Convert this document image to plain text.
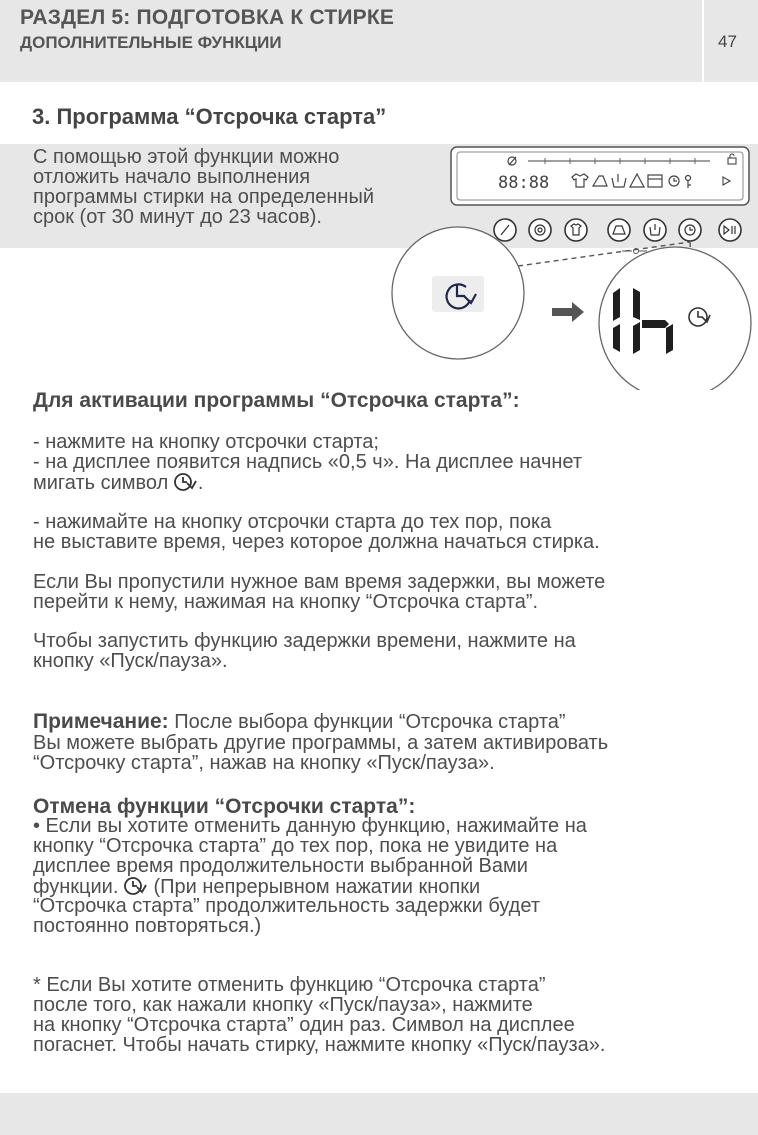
РАЗДЕЛ 5: ПОДГОТОВКА К СТИРКЕ
ДОПОЛНИТЕЛЬНЫЕ ФУНКЦИИ	47
3. Программа “Отсрочка старта”
С помощью этой функции можно
отложить начало выполнения
программы стирки на определенный
срок (от 30 минут до 23 часов).
88:88
1h
Для активации программы “Отсрочка старта”:
- нажмите на кнопку отсрочки старта;
- на дисплее появится надпись «0,5 ч». На дисплее начнет
мигать символ .
- нажимайте на кнопку отсрочки старта до тех пор, пока
не выставите время, через которое должна начаться стирка.
Если Вы пропустили нужное вам время задержки, вы можете
перейти к нему, нажимая на кнопку “Отсрочка старта”.
Чтобы запустить функцию задержки времени, нажмите на
кнопку «Пуск/пауза».
Примечание: После выбора функции “Отсрочка старта”
Вы можете выбрать другие программы, а затем активировать
“Отсрочку старта”, нажав на кнопку «Пуск/пауза».
Отмена функции “Отсрочки старта”:
• Если вы хотите отменить данную функцию, нажимайте на
кнопку “Отсрочка старта” до тех пор, пока не увидите на
дисплее время продолжительности выбранной Вами
функции.  (При непрерывном нажатии кнопки
“Отсрочка старта” продолжительность задержки будет
постоянно повторяться.)
* Если Вы хотите отменить функцию “Отсрочка старта”
после того, как нажали кнопку «Пуск/пауза», нажмите
на кнопку “Отсрочка старта” один раз. Символ на дисплее
погаснет. Чтобы начать стирку, нажмите кнопку «Пуск/пауза».
